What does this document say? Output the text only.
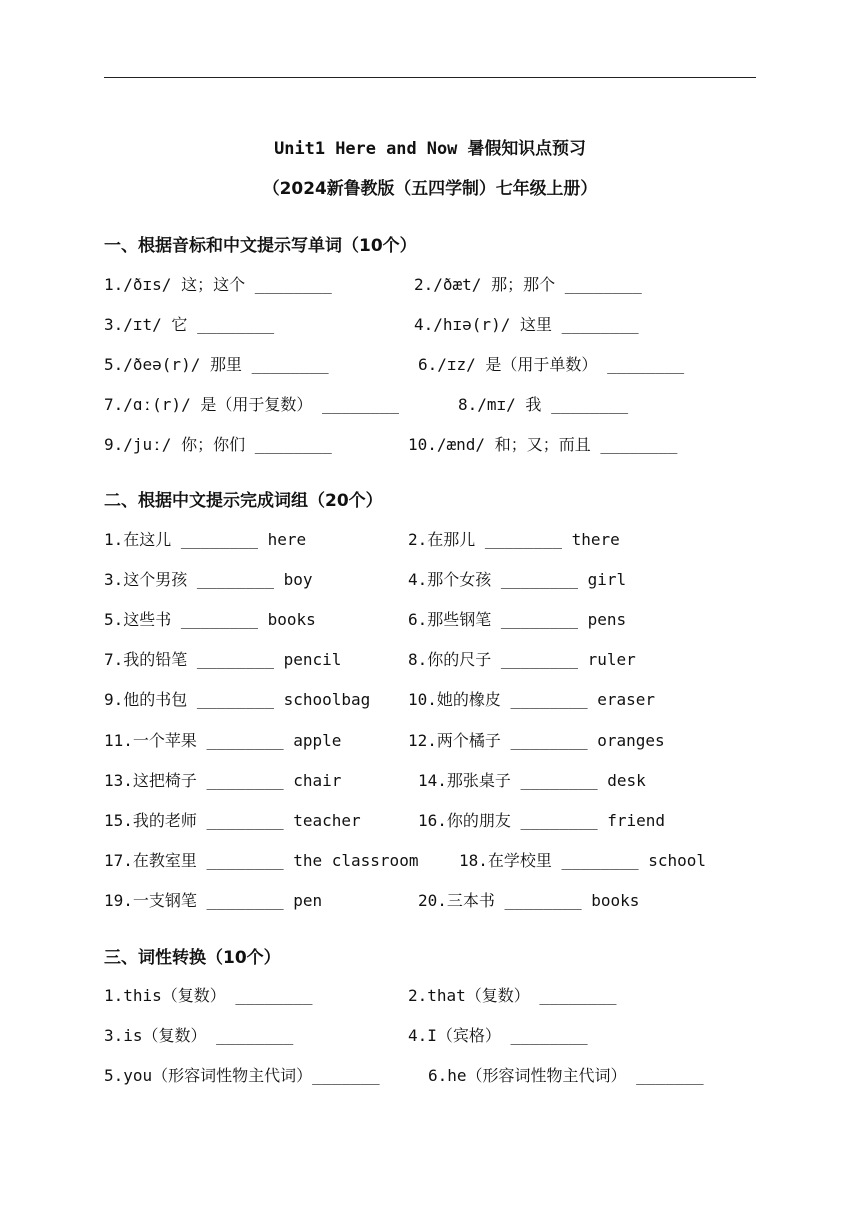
Unit1 Here and Now 暑假知识点预习
（2024新鲁教版（五四学制）七年级上册）
一、根据音标和中文提示写单词（10个）
1./ðɪs/ 这；这个 ________	2./ðæt/ 那；那个 ________
3./ɪt/ 它 ________	4./hɪə(r)/ 这里 ________
5./ðeə(r)/ 那里 ________	6./ɪz/ 是（用于单数） ________
7./ɑː(r)/ 是（用于复数） ________	8./mɪ/ 我 ________
9./juː/ 你；你们 ________	10./ænd/ 和；又；而且 ________
二、根据中文提示完成词组（20个）
1.在这儿 ________ here	2.在那儿 ________ there
3.这个男孩 ________ boy	4.那个女孩 ________ girl
5.这些书 ________ books	6.那些钢笔 ________ pens
7.我的铅笔 ________ pencil	8.你的尺子 ________ ruler
9.他的书包 ________ schoolbag 10.她的橡皮 ________ eraser
11.一个苹果 ________ apple	12.两个橘子 ________ oranges
13.这把椅子 ________ chair	14.那张桌子 ________ desk
15.我的老师 ________ teacher	16.你的朋友 ________ friend
17.在教室里 ________ the classroom	18.在学校里 ________ school
19.一支钢笔 ________ pen	20.三本书 ________ books
三、词性转换（10个）
1.this（复数） ________	2.that（复数） ________
3.is（复数） ________	4.I（宾格） ________
5.you（形容词性物主代词）_______	6.he（形容词性物主代词） _______
